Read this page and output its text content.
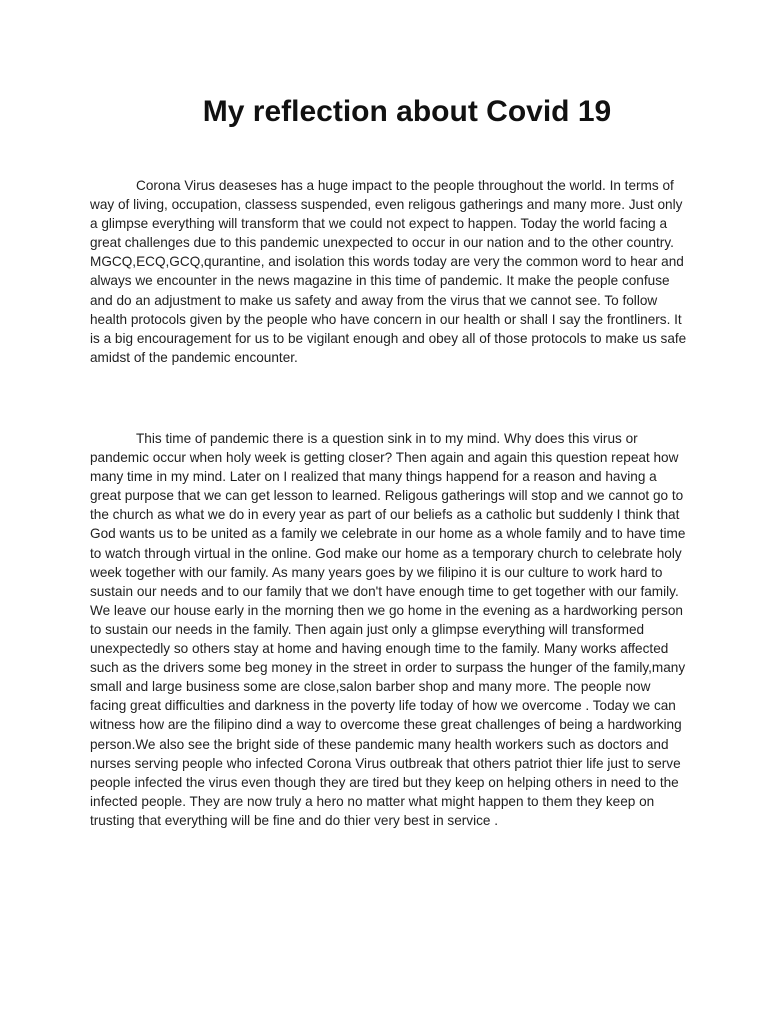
My reflection about Covid 19

Corona Virus deaseses has a huge impact to the people throughout the world. In terms of way of living, occupation, classess suspended, even religous gatherings and many more. Just only a glimpse everything will transform that we could not expect to happen. Today the world facing a great challenges due to this pandemic unexpected to occur in our nation and to the other country. MGCQ,ECQ,GCQ,qurantine, and isolation this words today are very the common word to hear and always we encounter in the news magazine in this time of pandemic. It make the people confuse and do an adjustment to make us safety and away from the virus that we cannot see. To follow health protocols given by the people who have concern in our health or shall I say the frontliners. It is a big encouragement for us to be vigilant enough and obey all of those protocols to make us safe amidst of the pandemic encounter.

This time of pandemic there is a question sink in to my mind. Why does this virus or pandemic occur when holy week is getting closer? Then again and again this question repeat how many time in my mind. Later on I realized that many things happend for a reason and having a great purpose that we can get lesson to learned. Religous gatherings will stop and we cannot go to the church as what we do in every year as part of our beliefs as a catholic but suddenly I think that God wants us to be united as a family we celebrate in our home as a whole family and to have time to watch through virtual in the online. God make our home as a temporary church to celebrate holy week together with our family. As many years goes by we filipino it is our culture to work hard to sustain our needs and to our family that we don't have enough time to get together with our family. We leave our house early in the morning then we go home in the evening as a hardworking person to sustain our needs in the family. Then again just only a glimpse everything will transformed unexpectedly so others stay at home and having enough time to the family. Many works affected such as the drivers some beg money in the street in order to surpass the hunger of the family,many small and large business some are close,salon barber shop and many more. The people now facing great difficulties and darkness in the poverty life today of how we overcome . Today we can witness how are the filipino dind a way to overcome these great challenges of being a hardworking person.We also see the bright side of these pandemic many health workers such as doctors and nurses serving people who infected Corona Virus outbreak that others patriot thier life just to serve people infected the virus even though they are tired but they keep on helping others in need to the infected people. They are now truly a hero no matter what might happen to them they keep on trusting that everything will be fine and do thier very best in service .
